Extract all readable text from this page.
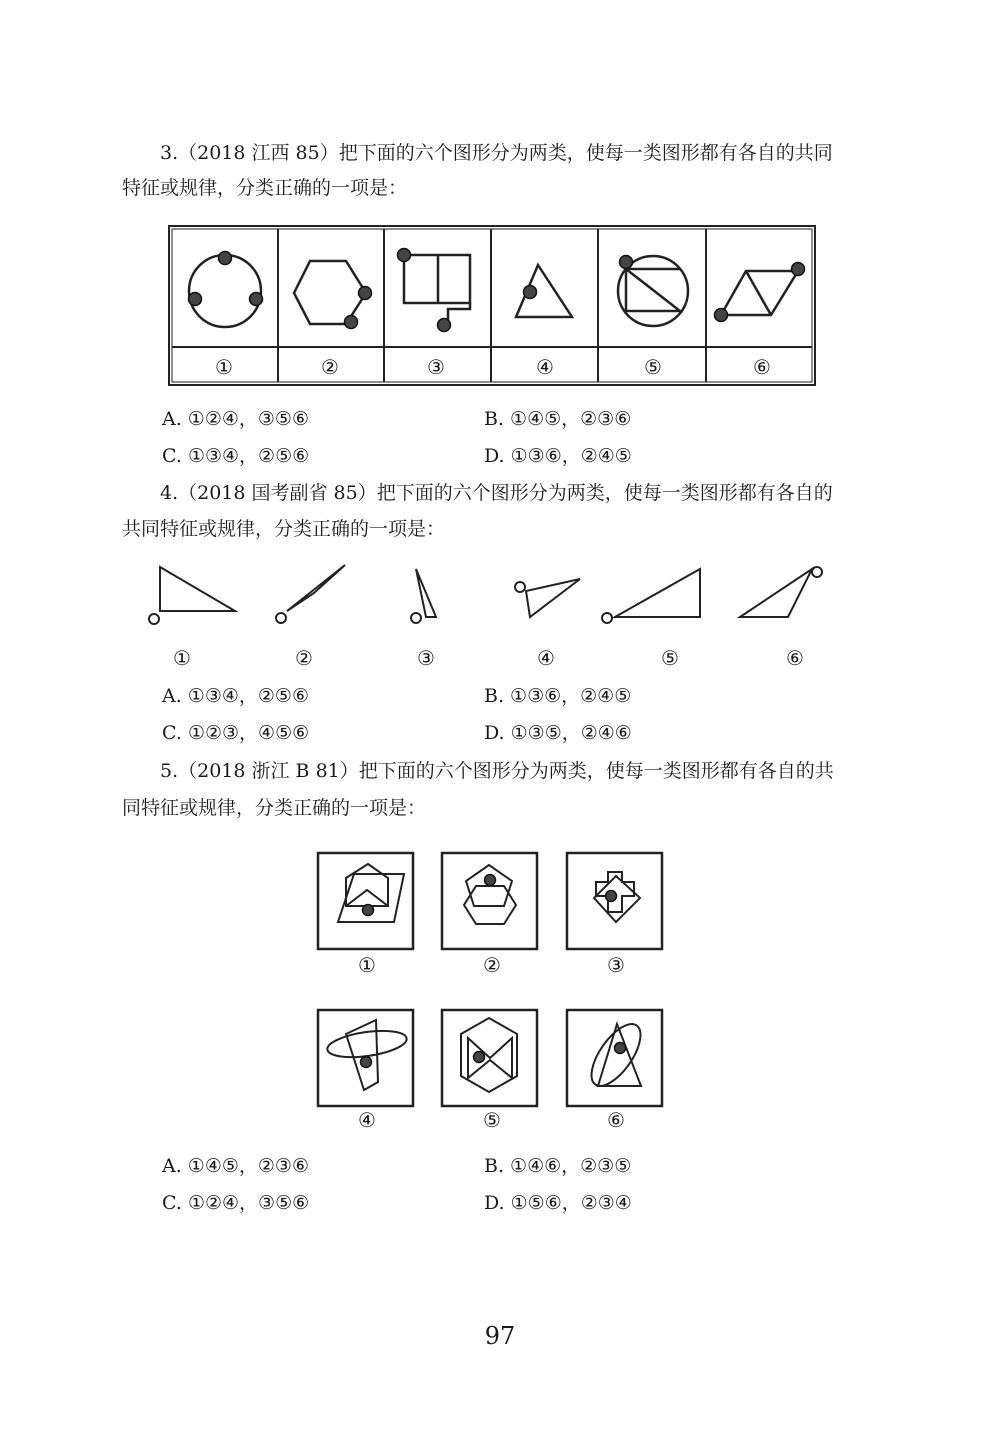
3.（2018 江西 85）把下面的六个图形分为两类，使每一类图形都有各自的共同
特征或规律，分类正确的一项是：
①	②	③	④	⑤	⑥
A. ①②④，③⑤⑥	B. ①④⑤，②③⑥
C. ①③④，②⑤⑥	D. ①③⑥，②④⑤
4.（2018 国考副省 85）把下面的六个图形分为两类，使每一类图形都有各自的
共同特征或规律，分类正确的一项是：
①	②	③	④	⑤	⑥
A. ①③④，②⑤⑥	B. ①③⑥，②④⑤
C. ①②③，④⑤⑥	D. ①③⑤，②④⑥
5.（2018 浙江 B 81）把下面的六个图形分为两类，使每一类图形都有各自的共
同特征或规律，分类正确的一项是：
①	②	③
④	⑤	⑥
A. ①④⑤，②③⑥	B. ①④⑥，②③⑤
C. ①②④，③⑤⑥	D. ①⑤⑥，②③④
97
